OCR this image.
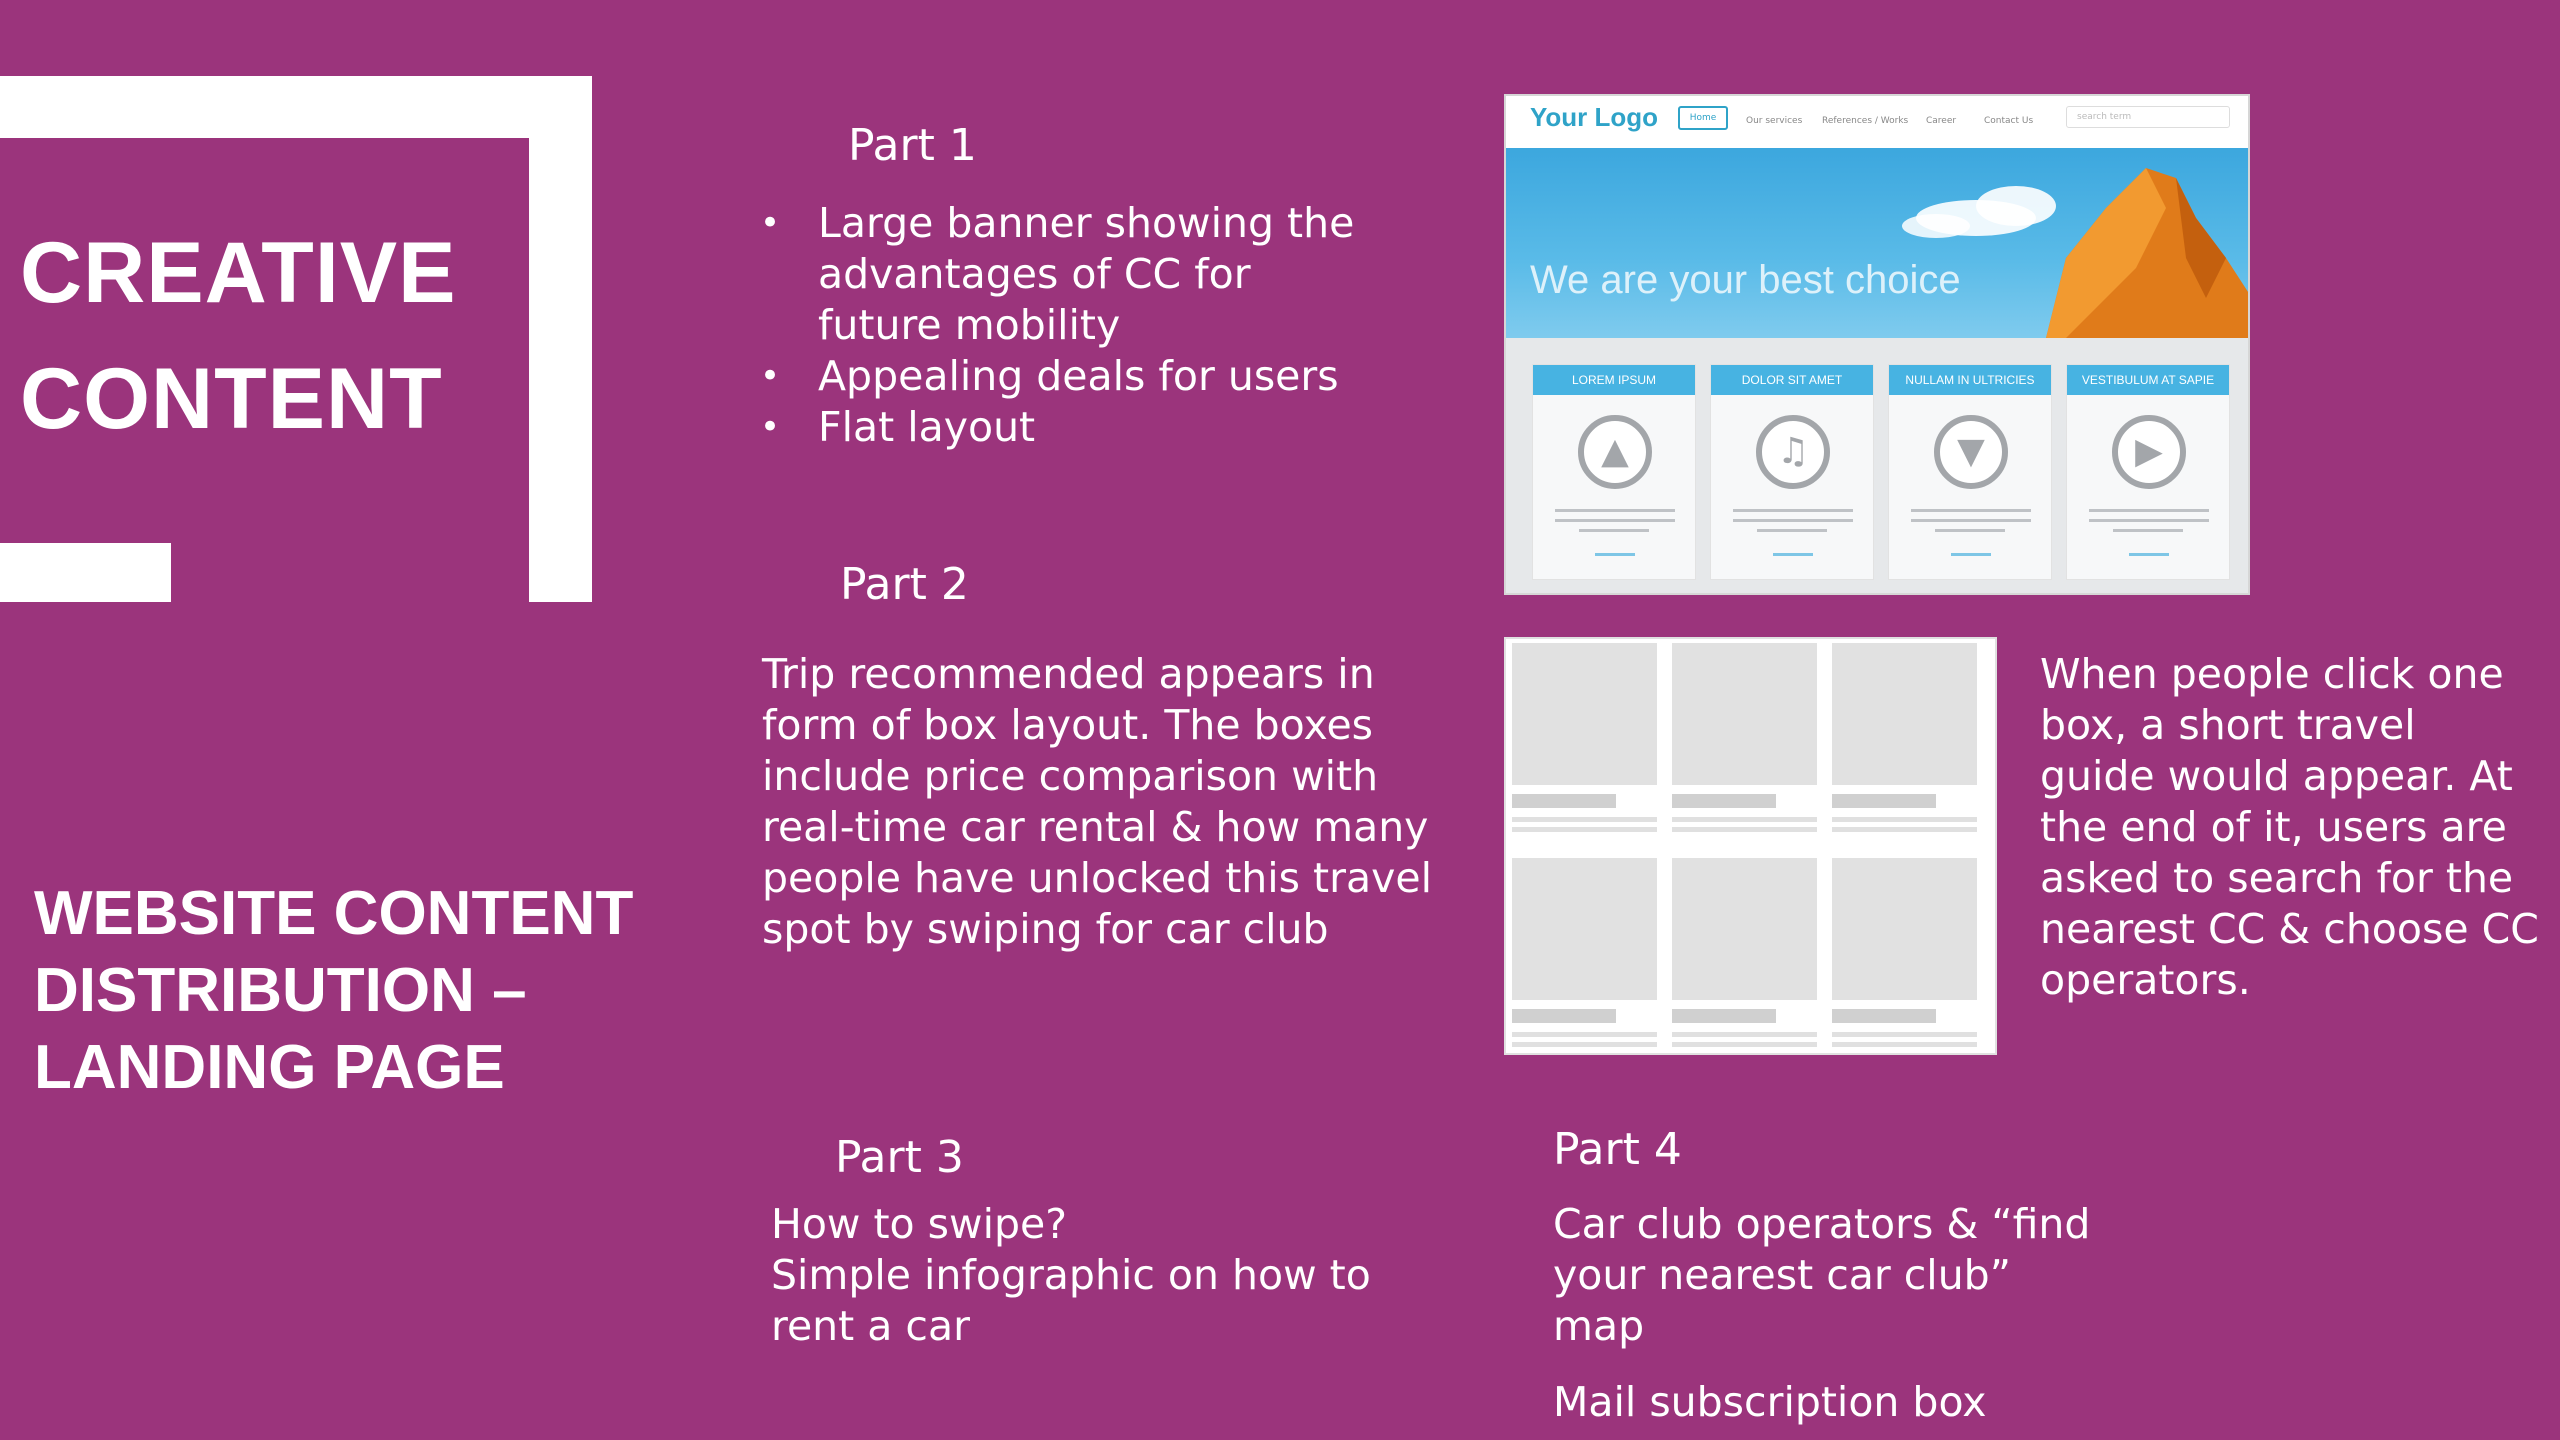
CREATIVE
CONTENT
WEBSITE CONTENT
DISTRIBUTION –
LANDING PAGE
Part 1
• Large banner showing the advantages of CC for future mobility
• Appealing deals for users
• Flat layout
Part 2
Trip recommended appears in form of box layout. The boxes include price comparison with real-time car rental & how many people have unlocked this travel spot by swiping for car club
When people click one box, a short travel guide would appear. At the end of it, users are asked to search for the nearest CC & choose CC operators.
Part 3
How to swipe?
Simple infographic on how to rent a car
Part 4
Car club operators & “find your nearest car club” map
Mail subscription box
Your Logo	Home	Our services References / Works Career	Contact Us	search term
We are your best choice
LOREM IPSUM
▲
DOLOR SIT AMET
♫
NULLAM IN ULTRICIES
▼
VESTIBULUM AT SAPIE
▶
